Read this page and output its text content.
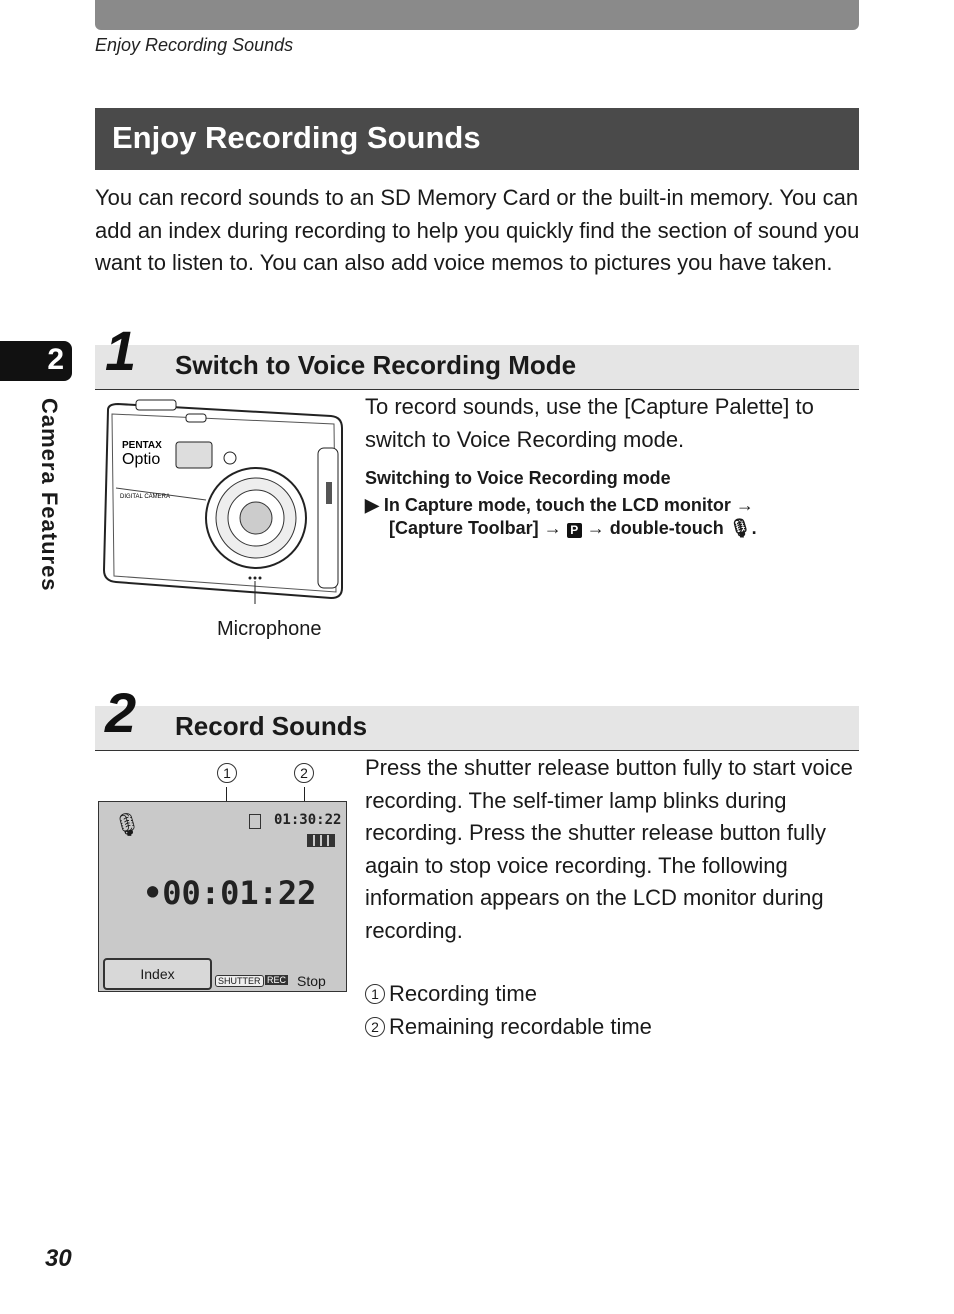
Enjoy Recording Sounds
Enjoy Recording Sounds
You can record sounds to an SD Memory Card or the built-in memory. You can add an index during recording to help you quickly find the section of sound you want to listen to. You can also add voice memos to pictures you have taken.
2
Camera Features
Switch to Voice Recording Mode
1
PENTAX
Optio
DIGITAL CAMERA
Microphone
To record sounds, use the [Capture Palette] to switch to Voice Recording mode.
Switching to Voice Recording mode
▶ In Capture mode, touch the LCD monitor →
[Capture Toolbar] → P → double-touch 🎙.
Record Sounds
2
1	2
🎙	01:30:22
•00:01:22
Index	SHUTTER REC Stop
Press the shutter release button fully to start voice recording. The self-timer lamp blinks during recording. Press the shutter release button fully again to stop voice recording. The following information appears on the LCD monitor during recording.
1 Recording time
2 Remaining recordable time
30
